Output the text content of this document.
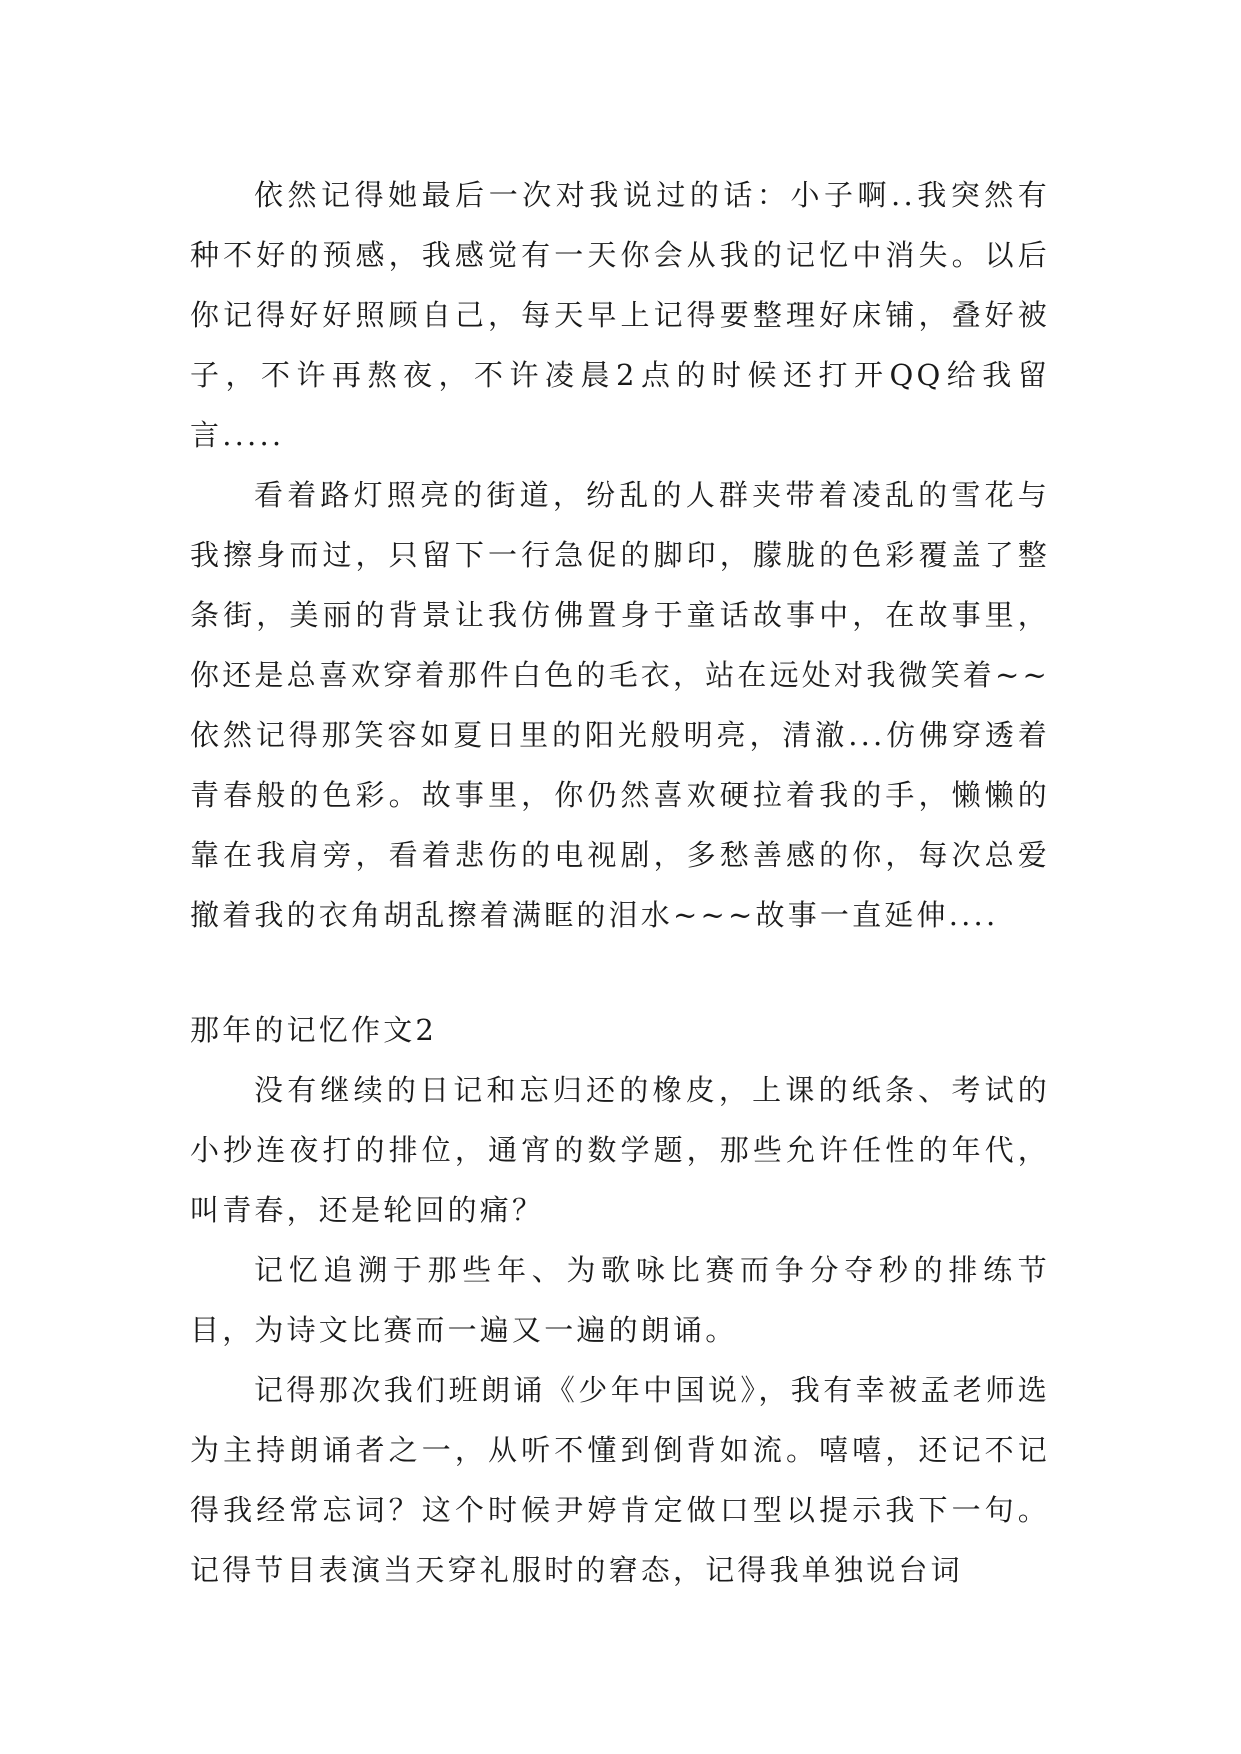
依然记得她最后一次对我说过的话：小子啊..我突然有种不好的预感，我感觉有一天你会从我的记忆中消失。以后你记得好好照顾自己，每天早上记得要整理好床铺，叠好被子，不许再熬夜，不许凌晨2点的时候还打开QQ给我留言.....

看着路灯照亮的街道，纷乱的人群夹带着凌乱的雪花与我擦身而过，只留下一行急促的脚印，朦胧的色彩覆盖了整条街，美丽的背景让我仿佛置身于童话故事中，在故事里，你还是总喜欢穿着那件白色的毛衣，站在远处对我微笑着~~依然记得那笑容如夏日里的阳光般明亮，清澈...仿佛穿透着青春般的色彩。故事里，你仍然喜欢硬拉着我的手，懒懒的靠在我肩旁，看着悲伤的电视剧，多愁善感的你，每次总爱撤着我的衣角胡乱擦着满眶的泪水~~~故事一直延伸....

那年的记忆作文2

没有继续的日记和忘归还的橡皮，上课的纸条、考试的小抄连夜打的排位，通宵的数学题，那些允许任性的年代，叫青春，还是轮回的痛？

记忆追溯于那些年、为歌咏比赛而争分夺秒的排练节目，为诗文比赛而一遍又一遍的朗诵。

记得那次我们班朗诵《少年中国说》，我有幸被孟老师选为主持朗诵者之一，从听不懂到倒背如流。嘻嘻，还记不记得我经常忘词？这个时候尹婷肯定做口型以提示我下一句。记得节目表演当天穿礼服时的窘态，记得我单独说台词
